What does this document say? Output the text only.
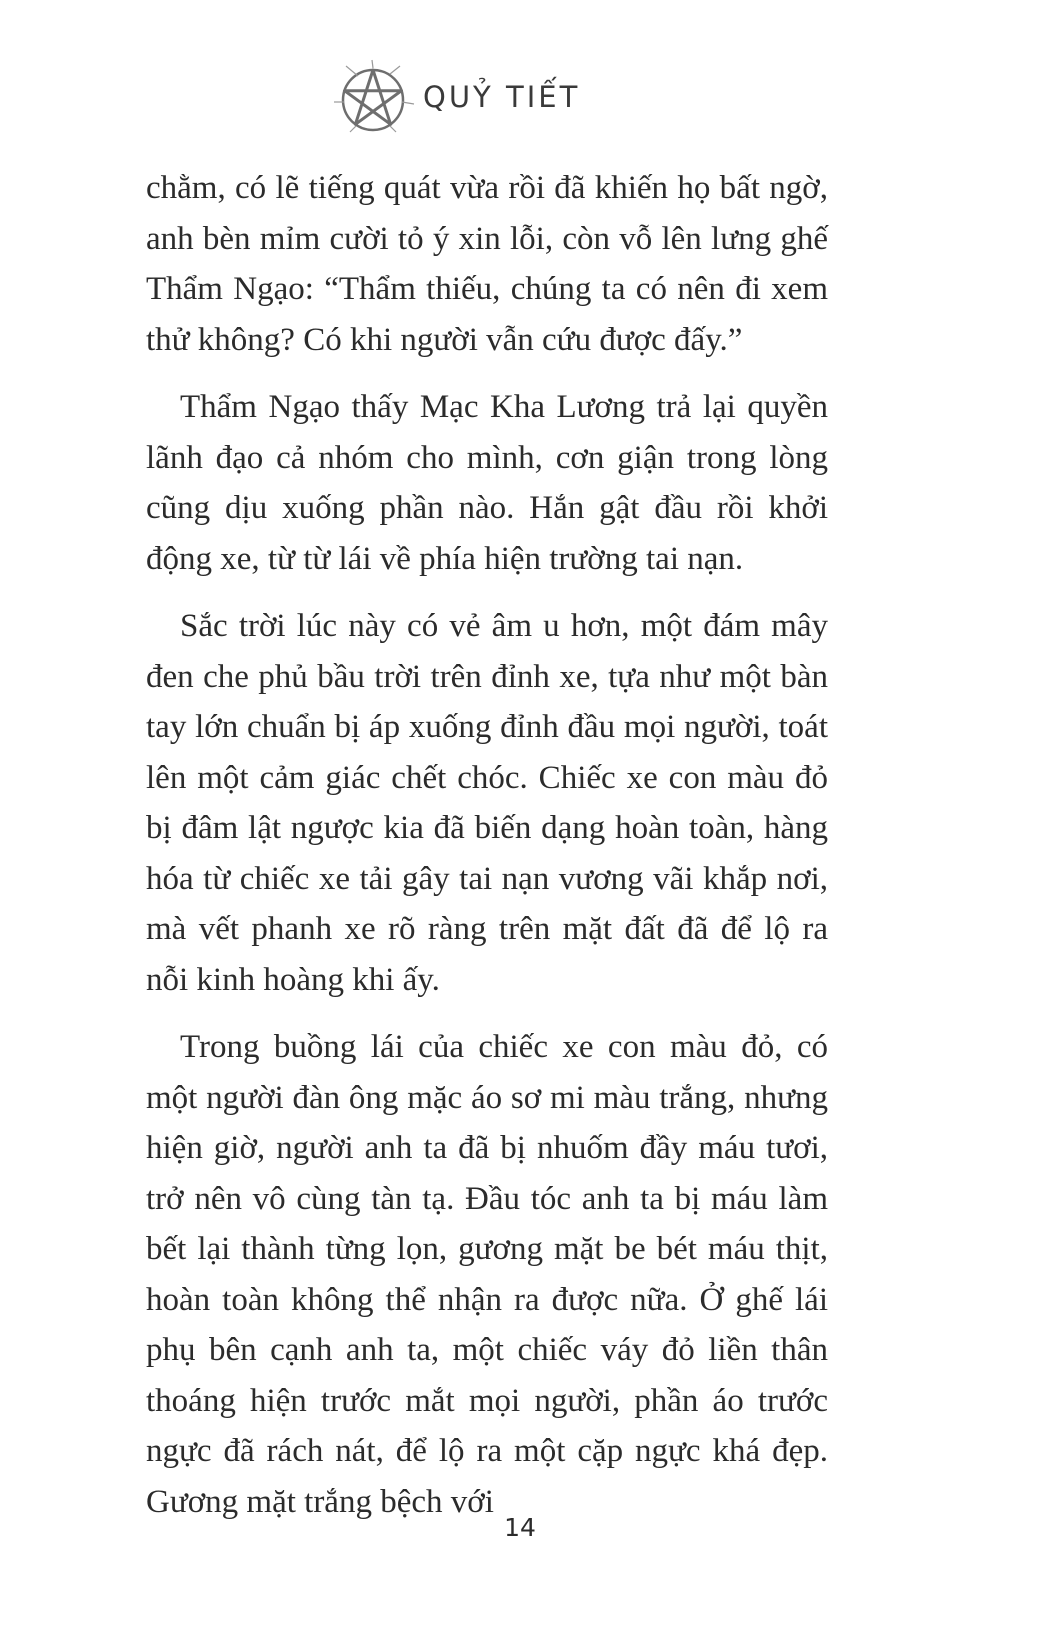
QUỶ TIẾT

chằm, có lẽ tiếng quát vừa rồi đã khiến họ bất ngờ, anh bèn mỉm cười tỏ ý xin lỗi, còn vỗ lên lưng ghế Thẩm Ngạo: “Thẩm thiếu, chúng ta có nên đi xem thử không? Có khi người vẫn cứu được đấy.”

Thẩm Ngạo thấy Mạc Kha Lương trả lại quyền lãnh đạo cả nhóm cho mình, cơn giận trong lòng cũng dịu xuống phần nào. Hắn gật đầu rồi khởi động xe, từ từ lái về phía hiện trường tai nạn.

Sắc trời lúc này có vẻ âm u hơn, một đám mây đen che phủ bầu trời trên đỉnh xe, tựa như một bàn tay lớn chuẩn bị áp xuống đỉnh đầu mọi người, toát lên một cảm giác chết chóc. Chiếc xe con màu đỏ bị đâm lật ngược kia đã biến dạng hoàn toàn, hàng hóa từ chiếc xe tải gây tai nạn vương vãi khắp nơi, mà vết phanh xe rõ ràng trên mặt đất đã để lộ ra nỗi kinh hoàng khi ấy.

Trong buồng lái của chiếc xe con màu đỏ, có một người đàn ông mặc áo sơ mi màu trắng, nhưng hiện giờ, người anh ta đã bị nhuốm đầy máu tươi, trở nên vô cùng tàn tạ. Đầu tóc anh ta bị máu làm bết lại thành từng lọn, gương mặt be bét máu thịt, hoàn toàn không thể nhận ra được nữa. Ở ghế lái phụ bên cạnh anh ta, một chiếc váy đỏ liền thân thoáng hiện trước mắt mọi người, phần áo trước ngực đã rách nát, để lộ ra một cặp ngực khá đẹp. Gương mặt trắng bệch với

14
